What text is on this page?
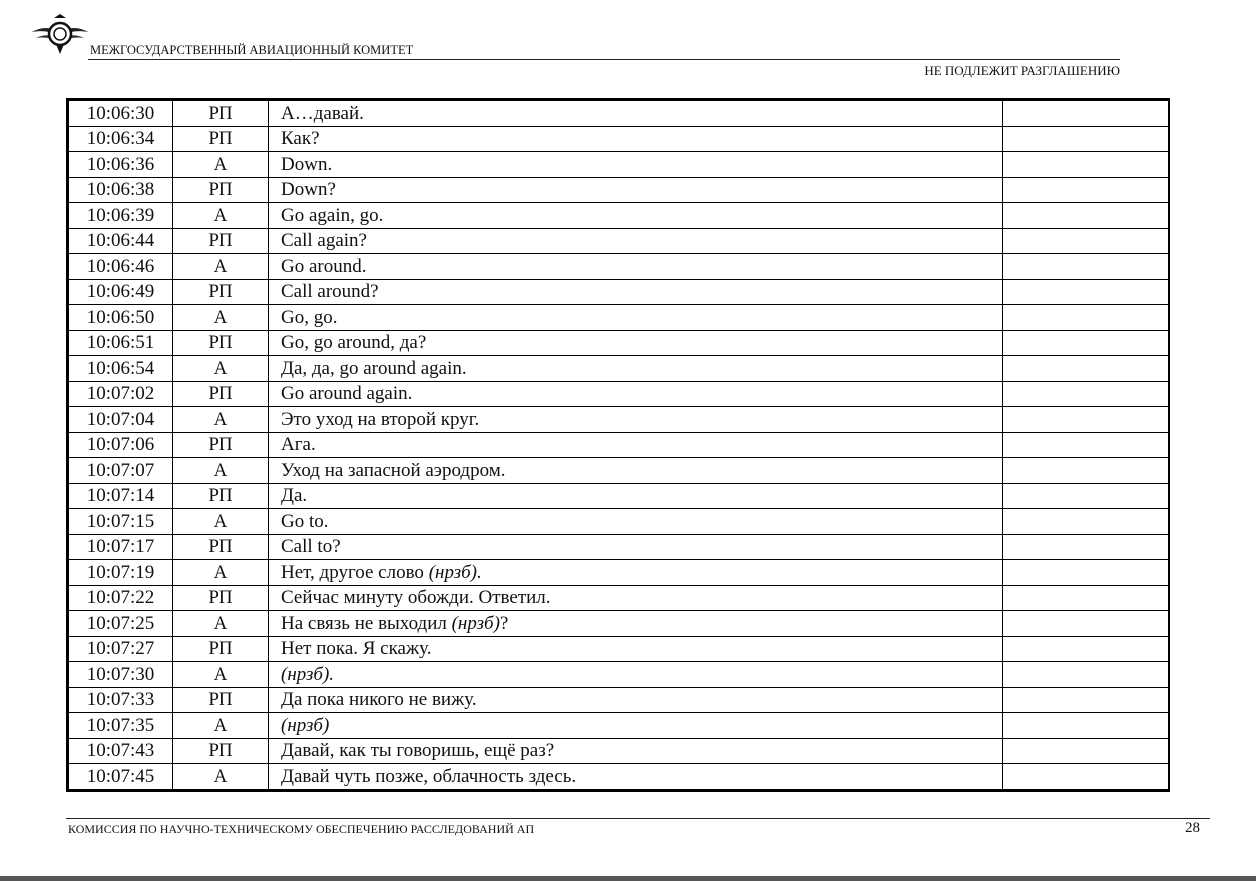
МЕЖГОСУДАРСТВЕННЫЙ АВИАЦИОННЫЙ КОМИТЕТ
НЕ ПОДЛЕЖИТ РАЗГЛАШЕНИЮ
10:06:30	РП	А…давай.	
10:06:34	РП	Как?	
10:06:36	А	Down.	
10:06:38	РП	Down?	
10:06:39	А	Go again, go.	
10:06:44	РП	Call again?	
10:06:46	А	Go around.	
10:06:49	РП	Call around?	
10:06:50	А	Go, go.	
10:06:51	РП	Go, go around, да?	
10:06:54	А	Да, да, go around again.	
10:07:02	РП	Go around again.	
10:07:04	А	Это уход на второй круг.	
10:07:06	РП	Ага.	
10:07:07	А	Уход на запасной аэродром.	
10:07:14	РП	Да.	
10:07:15	А	Go to.	
10:07:17	РП	Call to?	
10:07:19	А	Нет, другое слово (нрзб).	
10:07:22	РП	Сейчас минуту обожди. Ответил.	
10:07:25	А	На связь не выходил (нрзб)?	
10:07:27	РП	Нет пока. Я скажу.	
10:07:30	А	(нрзб).	
10:07:33	РП	Да пока никого не вижу.	
10:07:35	А	(нрзб)	
10:07:43	РП	Давай, как ты говоришь, ещё раз?	
10:07:45	А	Давай чуть позже, облачность здесь.	
КОМИССИЯ ПО НАУЧНО-ТЕХНИЧЕСКОМУ ОБЕСПЕЧЕНИЮ РАССЛЕДОВАНИЙ АП	28
